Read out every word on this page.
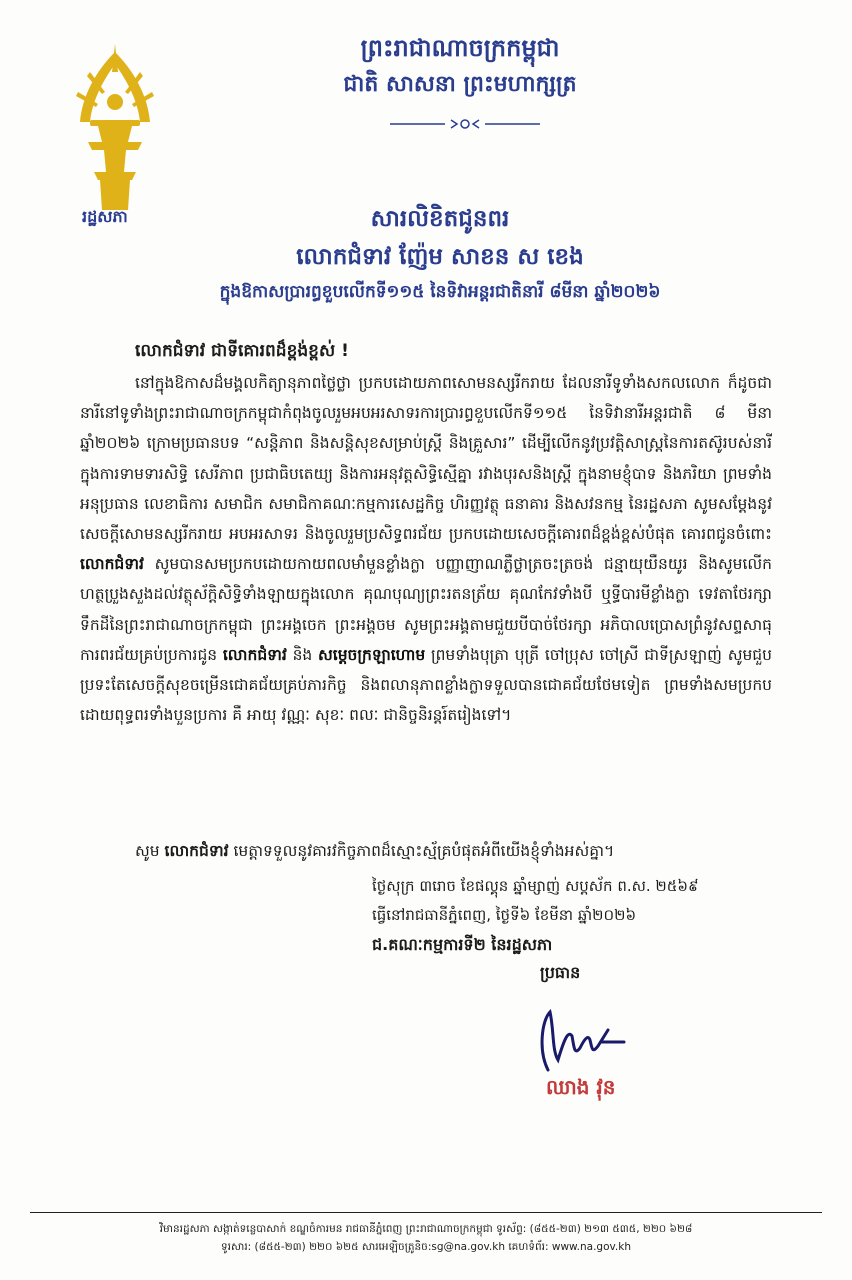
រដ្ឋសភា
ព្រះរាជាណាចក្រកម្ពុជា
ជាតិ សាសនា ព្រះមហាក្សត្រ
សារលិខិតជូនពរ
លោកជំទាវ ញ៉ែម សាខន ស ខេង
ក្នុងឱកាសប្រារព្ធខួបលើកទី១១៥ នៃទិវាអន្តរជាតិនារី ៨មីនា ឆ្នាំ២០២៦
លោកជំទាវ ជាទីគោរពដ៏ខ្ពង់ខ្ពស់ !
នៅក្នុងឱកាសដ៏មង្គលកិត្យានុភាពថ្លៃថ្លា ប្រកបដោយភាពសោមនស្សរីករាយ ដែលនារីទូទាំងសកលលោក ក៏ដូចជានារីនៅទូទាំងព្រះរាជាណាចក្រកម្ពុជាកំពុងចូលរួមអបអរសាទរការប្រារព្ធខួបលើកទី១១៥ នៃទិវានារីអន្តរជាតិ ៨ មីនា ឆ្នាំ២០២៦ ក្រោមប្រធានបទ “សន្តិភាព និងសន្តិសុខសម្រាប់ស្ត្រី និងគ្រួសារ” ដើម្បីលើកនូវប្រវត្តិសាស្ត្រនៃការតស៊ូរបស់នារីក្នុងការទាមទារសិទ្ធិ សេរីភាព ប្រជាធិបតេយ្យ និងការអនុវត្តសិទ្ធិស្មើគ្នា រវាងបុរសនិងស្ត្រី ក្នុងនាមខ្ញុំបាទ និងភរិយា ព្រមទាំងអនុប្រធាន លេខាធិការ សមាជិក សមាជិកាគណៈកម្មការសេដ្ឋកិច្ច ហិរញ្ញវត្ថុ ធនាគារ និងសវនកម្ម នៃរដ្ឋសភា សូមសម្តែងនូវសេចក្តីសោមនស្សរីករាយ អបអរសាទរ និងចូលរួមប្រសិទ្ធពរជ័យ ប្រកបដោយសេចក្តីគោរពដ៏ខ្ពង់ខ្ពស់បំផុត គោរពជូនចំពោះ លោកជំទាវ សូមបានសមប្រកបដោយកាយពលមាំមួនខ្លាំងក្លា បញ្ញាញាណភ្លឺថ្លាត្រចះត្រចង់ ជន្មាយុយឺនយូរ និងសូមលើកហត្ថប្រួងសួងដល់វត្ថុស័ក្តិសិទ្ធិទាំងឡាយក្នុងលោក គុណបុណ្យព្រះរតនត្រ័យ គុណកែវទាំងបី ឬទ្ធីបារមីខ្លាំងក្លា ទេវតាថែរក្សាទឹកដីនៃព្រះរាជាណាចក្រកម្ពុជា ព្រះអង្គចេក ព្រះអង្គចម សូមព្រះអង្គតាមជួយបីបាច់ថែរក្សា អភិបាលប្រោសព្រំនូវសព្ទសាធុការពរជ័យគ្រប់ប្រការជូន លោកជំទាវ និង សម្តេចក្រឡាហោម ព្រមទាំងបុត្រា បុត្រី ចៅប្រុស ចៅស្រី ជាទីស្រឡាញ់ សូមជួបប្រទះតែសេចក្តីសុខចម្រើនជោគជ័យគ្រប់ភារកិច្ច និងពលានុភាពខ្លាំងក្លាទទួលបានជោគជ័យថែមទៀត ព្រមទាំងសមប្រកបដោយពុទ្ធពរទាំងបួនប្រការ គឺ អាយុ វណ្ណៈ សុខៈ ពលៈ ជានិច្ចនិរន្តរ៍តរៀងទៅ។
សូម លោកជំទាវ មេត្តាទទួលនូវគារវកិច្ចភាពដ៏ស្មោះស្ម័គ្របំផុតអំពីយើងខ្ញុំទាំងអស់គ្នា។
ថ្ងៃសុក្រ ៣រោច ខែផល្គុន ឆ្នាំម្សាញ់ សប្តស័ក ព.ស. ២៥៦៩
ធ្វើនៅរាជធានីភ្នំពេញ, ថ្ងៃទី៦ ខែមីនា ឆ្នាំ២០២៦
ជ.គណៈកម្មការទី២ នៃរដ្ឋសភា
ប្រធាន
ឈាង វុន
វិមានរដ្ឋសភា សង្កាត់ទន្លេបាសាក់ ខណ្ឌចំការមន រាជធានីភ្នំពេញ ព្រះរាជាណាចក្រកម្ពុជា ទូរស័ព្ទ: (៨៥៥-២៣) ២១៣ ៥៣៥, ២២០ ៦២៨
ទូរសារ: (៨៥៥-២៣) ២២០ ៦២៥ សារអេឡិចត្រូនិច:sg@na.gov.kh គេហទំព័រ: www.na.gov.kh
